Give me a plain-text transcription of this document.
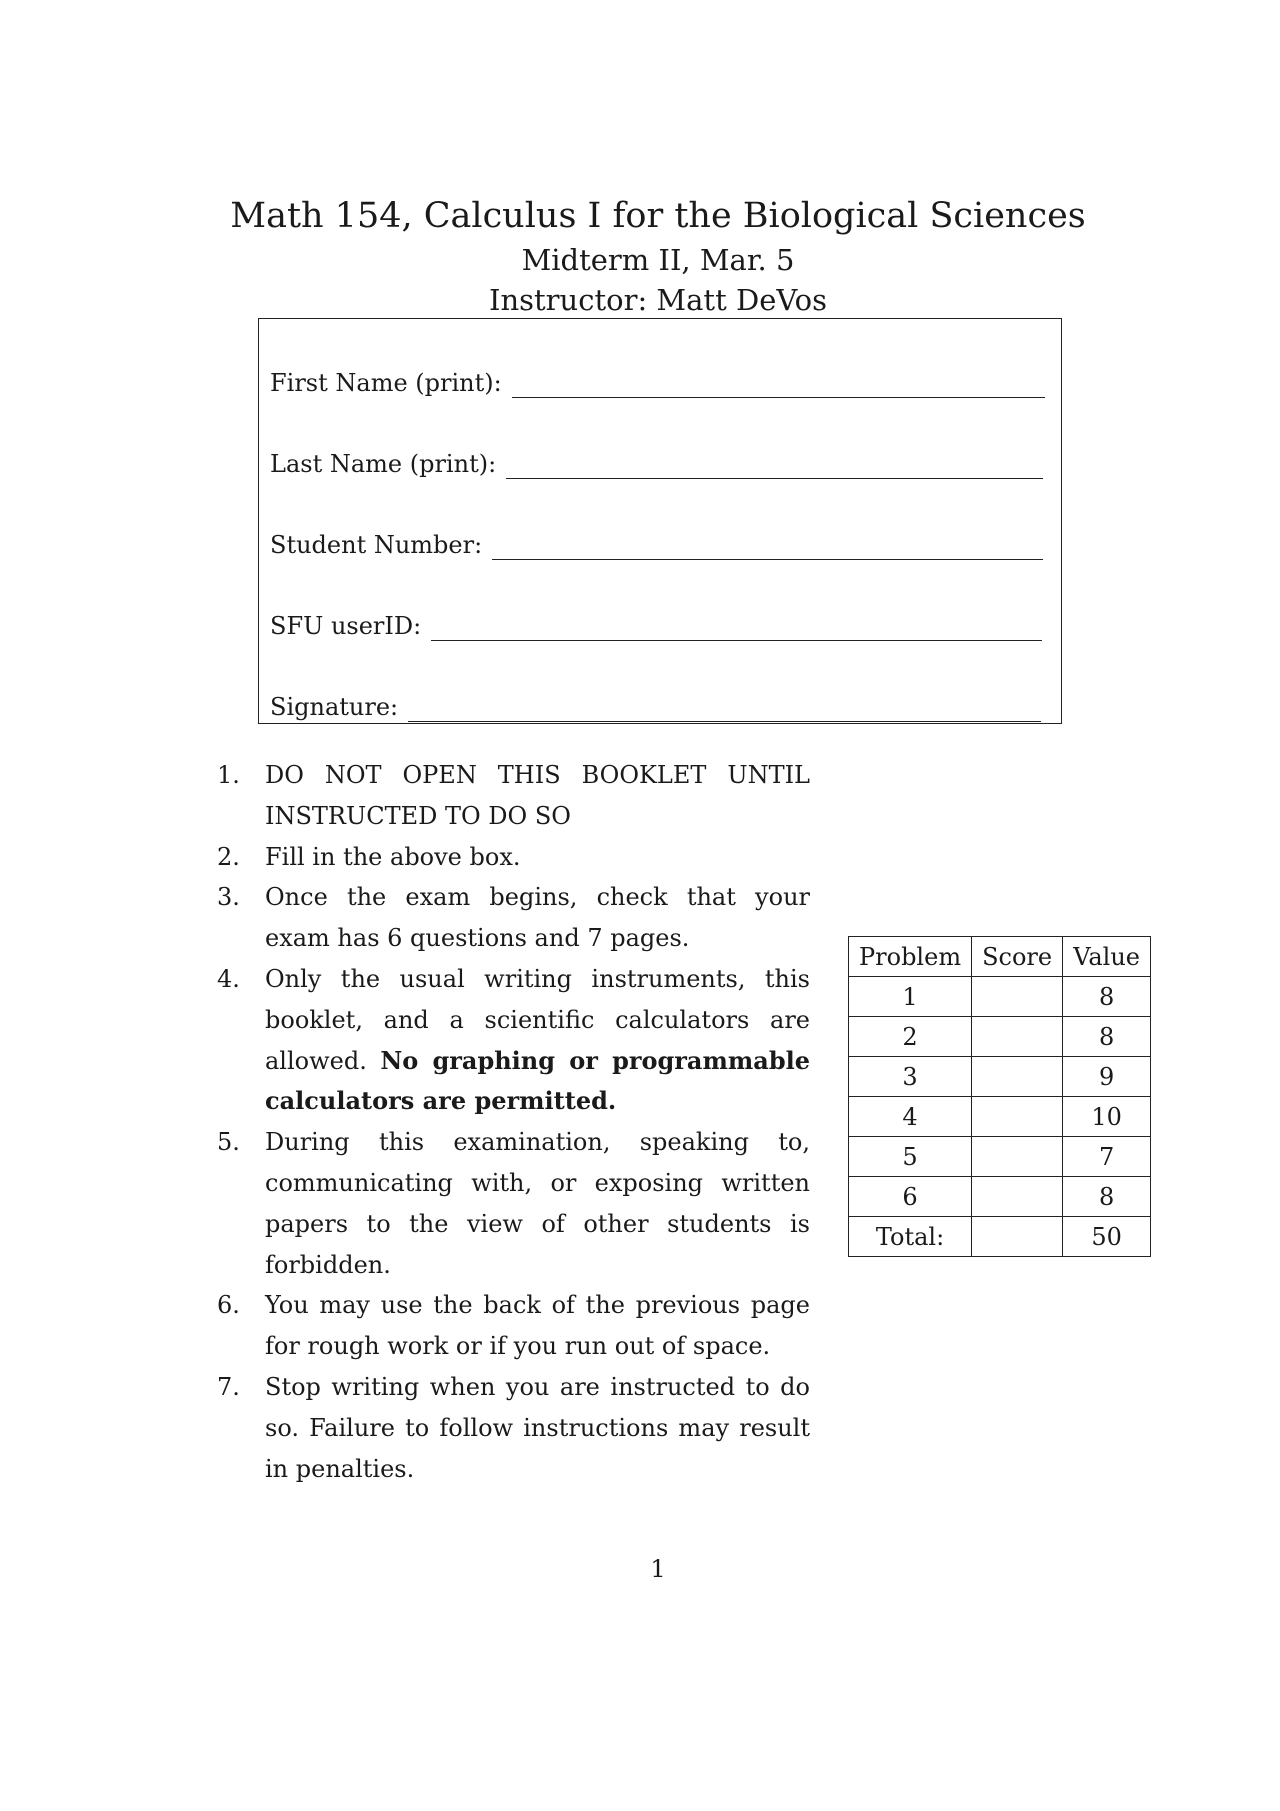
Math 154, Calculus I for the Biological Sciences
Midterm II, Mar. 5
Instructor: Matt DeVos
First Name (print):
Last Name (print):
Student Number:
SFU userID:
Signature:
1. DO NOT OPEN THIS BOOKLET UNTIL INSTRUCTED TO DO SO
2. Fill in the above box.
3. Once the exam begins, check that your exam has 6 questions and 7 pages.
4. Only the usual writing instruments, this booklet, and a scientific calculators are allowed. No graphing or programmable calculators are permitted.
5. During this examination, speaking to, communicating with, or exposing written papers to the view of other students is forbidden.
6. You may use the back of the previous page for rough work or if you run out of space.
7. Stop writing when you are instructed to do so. Failure to follow instructions may result in penalties.
Problem	Score	Value
1		8
2		8
3		9
4		10
5		7
6		8
Total:		50
1
